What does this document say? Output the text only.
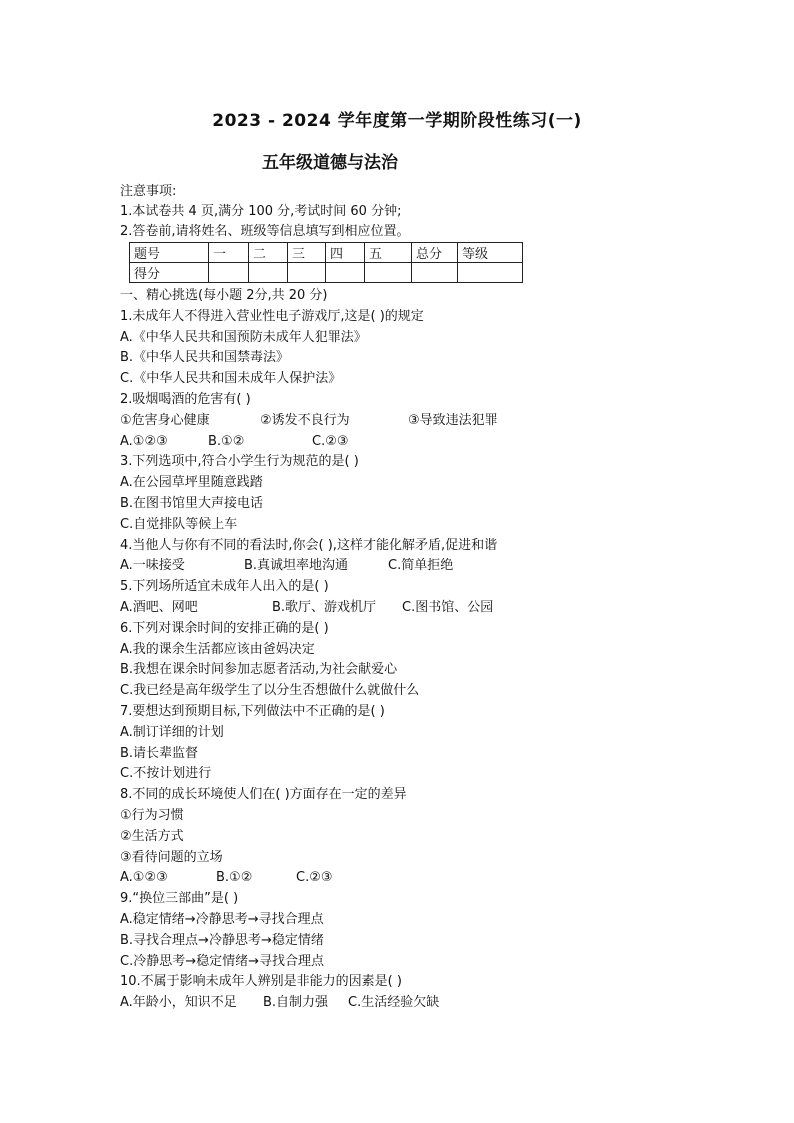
2023 - 2024 学年度第一学期阶段性练习(一)
五年级道德与法治
注意事项:
1.本试卷共 4 页,满分 100 分,考试时间 60 分钟;
2.答卷前,请将姓名、班级等信息填写到相应位置。
题号	一	二	三	四	五	总分	等级
得分							
一、精心挑选(每小题 2分,共 20 分)
1.未成年人不得进入营业性电子游戏厅,这是( )的规定
A.《中华人民共和国预防未成年人犯罪法》
B.《中华人民共和国禁毒法》
C.《中华人民共和国未成年人保护法》
2.吸烟喝酒的危害有( )
①危害身心健康	②诱发不良行为	③导致违法犯罪
A.①②③	B.①②	C.②③
3.下列选项中,符合小学生行为规范的是( )
A.在公园草坪里随意践踏
B.在图书馆里大声接电话
C.自觉排队等候上车
4.当他人与你有不同的看法时,你会( ),这样才能化解矛盾,促进和谐
A.一味接受	B.真诚坦率地沟通	C.简单拒绝
5.下列场所适宜未成年人出入的是( )
A.酒吧、网吧	B.歌厅、游戏机厅 C.图书馆、公园
6.下列对课余时间的安排正确的是( )
A.我的课余生活都应该由爸妈决定
B.我想在课余时间参加志愿者活动,为社会献爱心
C.我已经是高年级学生了以分生否想做什么就做什么
7.要想达到预期目标,下列做法中不正确的是( )
A.制订详细的计划
B.请长辈监督
C.不按计划进行
8.不同的成长环境使人们在( )方面存在一定的差异
①行为习惯
②生活方式
③看待问题的立场
A.①②③	B.①②	C.②③
9.“换位三部曲”是( )
A.稳定情绪→冷静思考→寻找合理点
B.寻找合理点→冷静思考→稳定情绪
C.冷静思考→稳定情绪→寻找合理点
10.不属于影响未成年人辨别是非能力的因素是( )
A.年龄小，知识不足 B.自制力强 C.生活经验欠缺
